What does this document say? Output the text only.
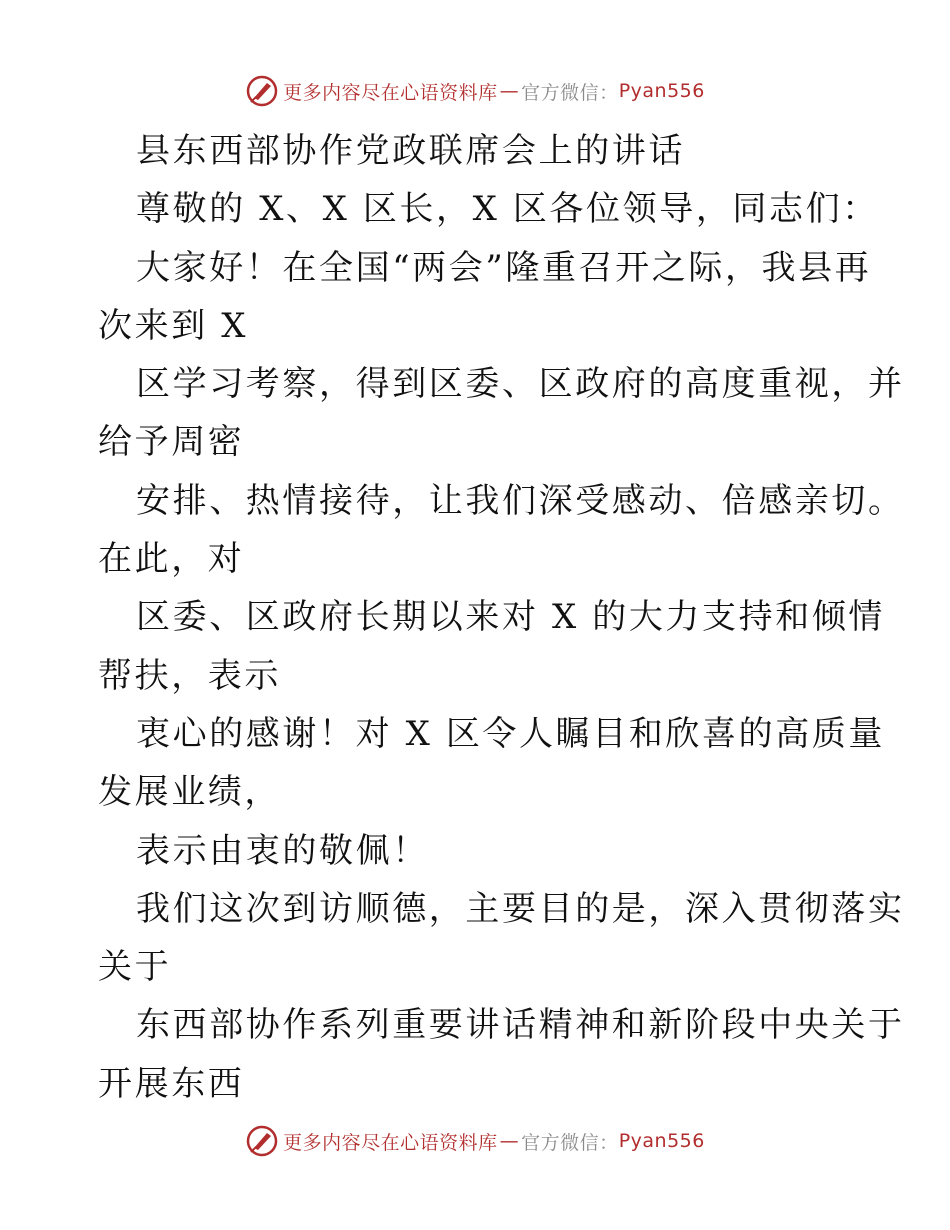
更多内容尽在心语资料库 — 官方微信： Pyan556
县东西部协作党政联席会上的讲话
尊敬的 X、X 区长，X 区各位领导，同志们：
大家好！在全国“两会”隆重召开之际，我县再
次来到 X
区学习考察，得到区委、区政府的高度重视，并
给予周密
安排、热情接待，让我们深受感动、倍感亲切。
在此，对
区委、区政府长期以来对 X 的大力支持和倾情
帮扶，表示
衷心的感谢！对 X 区令人瞩目和欣喜的高质量
发展业绩，
表示由衷的敬佩！
我们这次到访顺德，主要目的是，深入贯彻落实
关于
东西部协作系列重要讲话精神和新阶段中央关于
开展东西
更多内容尽在心语资料库 — 官方微信： Pyan556
